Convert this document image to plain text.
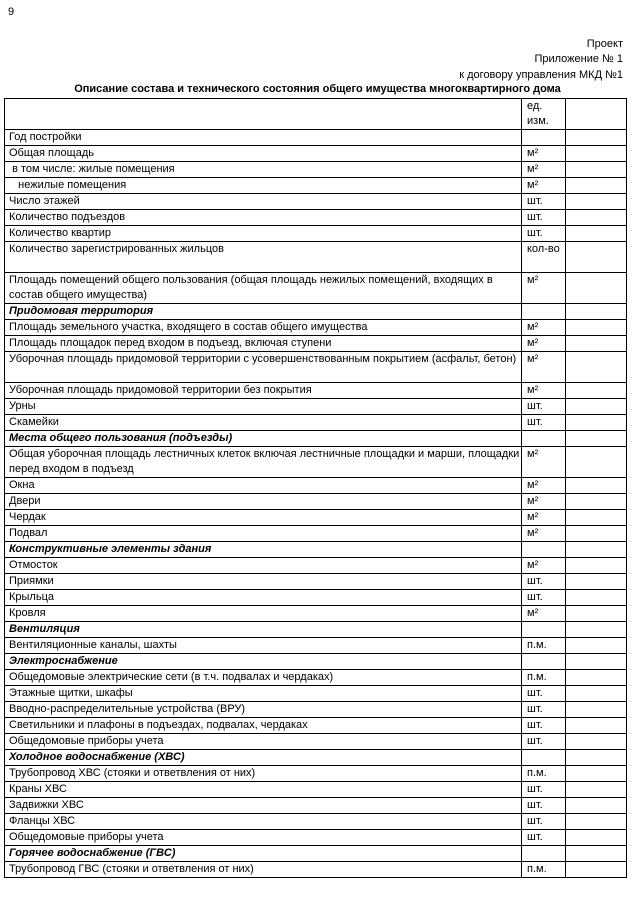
9
Проект
Приложение № 1
к договору управления МКД №1
Описание состава и технического состояния общего имущества многоквартирного дома
	ед.
изм.	
Год постройки		
Общая площадь	м²	
в том числе: жилые помещения	м²	
нежилые помещения	м²	
Число этажей	шт.	
Количество подъездов	шт.	
Количество квартир	шт.	
Количество зарегистрированных жильцов	кол-во	
Площадь помещений общего пользования (общая площадь нежилых помещений, входящих в состав общего имущества)	м²	
Придомовая территория		
Площадь земельного участка, входящего в состав общего имущества	м²	
Площадь площадок перед входом в подъезд, включая ступени	м²	
Уборочная площадь придомовой территории с усовершенствованным покрытием (асфальт, бетон)	м²	
Уборочная площадь придомовой территории без покрытия	м²	
Урны	шт.	
Скамейки	шт.	
Места общего пользования (подъезды)		
Общая уборочная площадь лестничных клеток включая лестничные площадки и марши, площадки перед входом в подъезд	м²	
Окна	м²	
Двери	м²	
Чердак	м²	
Подвал	м²	
Конструктивные элементы здания		
Отмосток	м²	
Приямки	шт.	
Крыльца	шт.	
Кровля	м²	
Вентиляция		
Вентиляционные каналы, шахты	п.м.	
Электроснабжение		
Общедомовые электрические сети (в т.ч. подвалах и чердаках)	п.м.	
Этажные щитки, шкафы	шт.	
Вводно-распределительные устройства (ВРУ)	шт.	
Светильники и плафоны в подъездах, подвалах, чердаках	шт.	
Общедомовые приборы учета	шт.	
Холодное водоснабжение (ХВС)		
Трубопровод ХВС (стояки и ответвления от них)	п.м.	
Краны ХВС	шт.	
Задвижки ХВС	шт.	
Фланцы ХВС	шт.	
Общедомовые приборы учета	шт.	
Горячее водоснабжение (ГВС)		
Трубопровод ГВС (стояки и ответвления от них)	п.м.	
